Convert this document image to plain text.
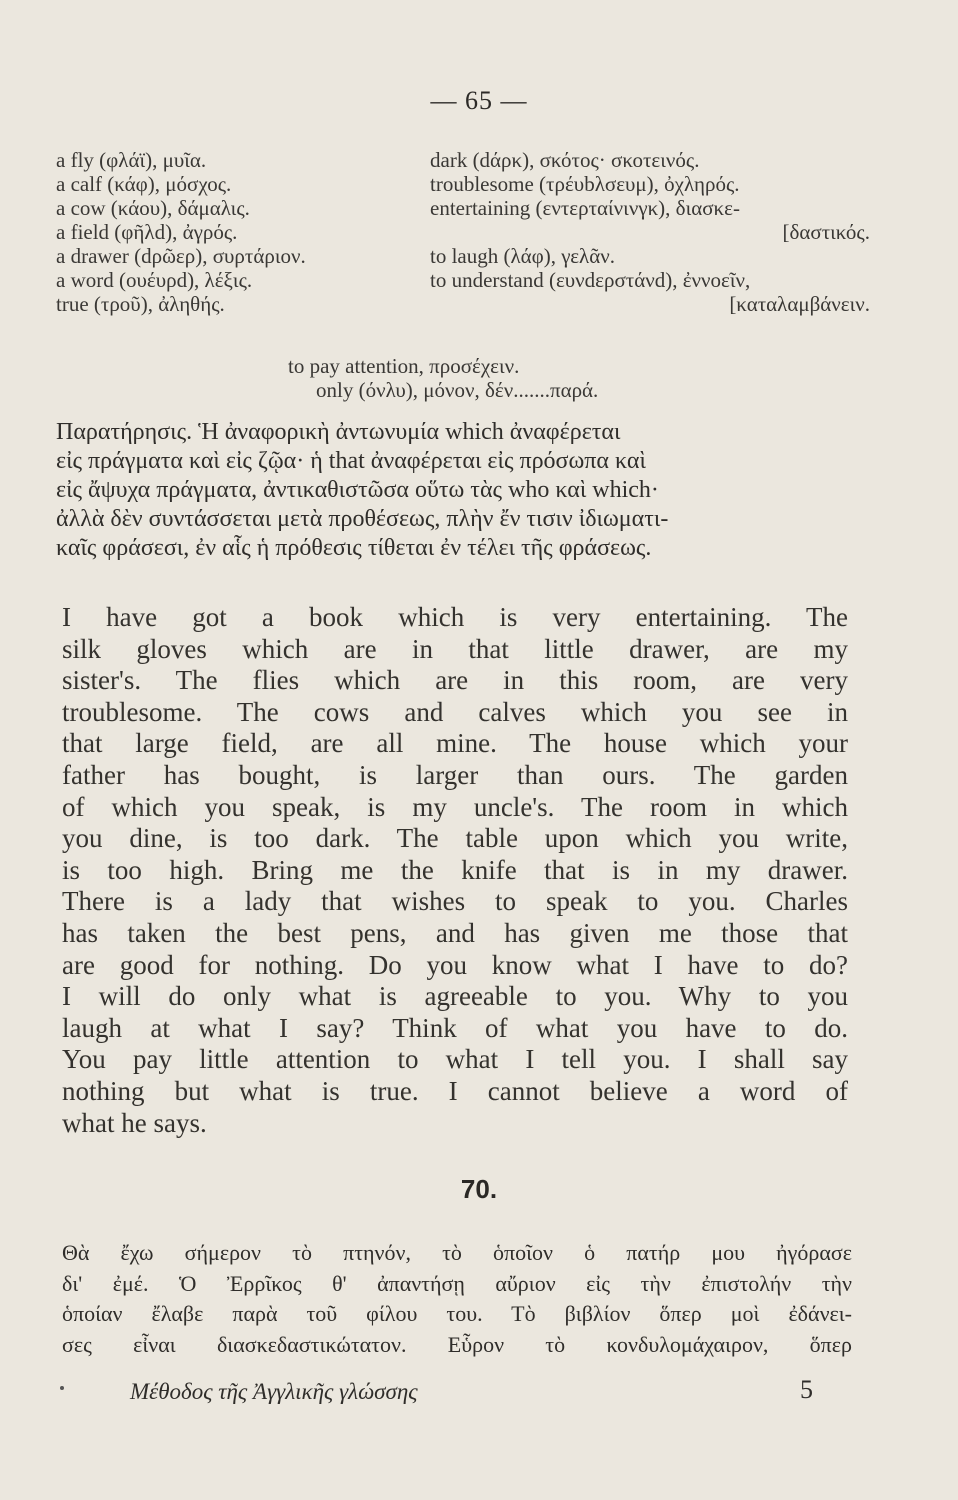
— 65 —
a fly (φλάϊ), μυῖα.
a calf (κάφ), μόσχος.
a cow (κάου), δάμαλις.
a field (φῆλd), ἀγρός.
a drawer (dρῶερ), συρτάριον.
a word (ουέυρd), λέξις.
true (τρoῦ), ἀληθής.
dark (dάρκ), σκότος· σκοτεινός.
troublesome (τρέυbλσευμ), ὀχληρός.
entertaining (εντερταίνινγκ), διασκε-
[δαστικός.
to laugh (λάφ), γελᾶν.
to understand (ευνdερστάνd), ἐννοεῖν,
[καταλαμβάνειν.
to pay attention, προσέχειν.
only (όνλυ), μόνον, δέν.......παρά.
Παρατήρησις. Ἡ ἀναφορικὴ ἀντωνυμία which ἀναφέρεται
εἰς πράγματα καὶ εἰς ζῷα· ἡ that ἀναφέρεται εἰς πρόσωπα καὶ
εἰς ἄψυχα πράγματα, ἀντικαθιστῶσα οὕτω τὰς who καὶ which·
ἀλλὰ δὲν συντάσσεται μετὰ προθέσεως, πλὴν ἔν τισιν ἰδιωματι-
καῖς φράσεσι, ἐν αἷς ἡ πρόθεσις τίθεται ἐν τέλει τῆς φράσεως.
I have got a book which is very entertaining. The
silk gloves which are in that little drawer, are my
sister's. The flies which are in this room, are very
troublesome. The cows and calves which you see in
that large field, are all mine. The house which your
father has bought, is larger than ours. The garden
of which you speak, is my uncle's. The room in which
you dine, is too dark. The table upon which you write,
is too high. Bring me the knife that is in my drawer.
There is a lady that wishes to speak to you. Charles
has taken the best pens, and has given me those that
are good for nothing. Do you know what I have to do?
I will do only what is agreeable to you. Why to you
laugh at what I say? Think of what you have to do.
You pay little attention to what I tell you. I shall say
nothing but what is true. I cannot believe a word of
what he says.
70.
Θὰ ἔχω σήμερον τὸ πτηνόν, τὸ ὁποῖον ὁ πατήρ μου ἠγόρασε
δι' ἐμέ. Ὁ Ἐρρῖκος θ' ἀπαντήσῃ αὔριον εἰς τὴν ἐπιστολήν τὴν
ὁποίαν ἔλαβε παρὰ τοῦ φίλου του. Τὸ βιβλίον ὅπερ μοὶ ἐδάνει-
σες εἶναι διασκεδαστικώτατον. Εὗρον τὸ κονδυλομάχαιρον, ὅπερ
Μέθοδος τῆς Ἀγγλικῆς γλώσσης	5
